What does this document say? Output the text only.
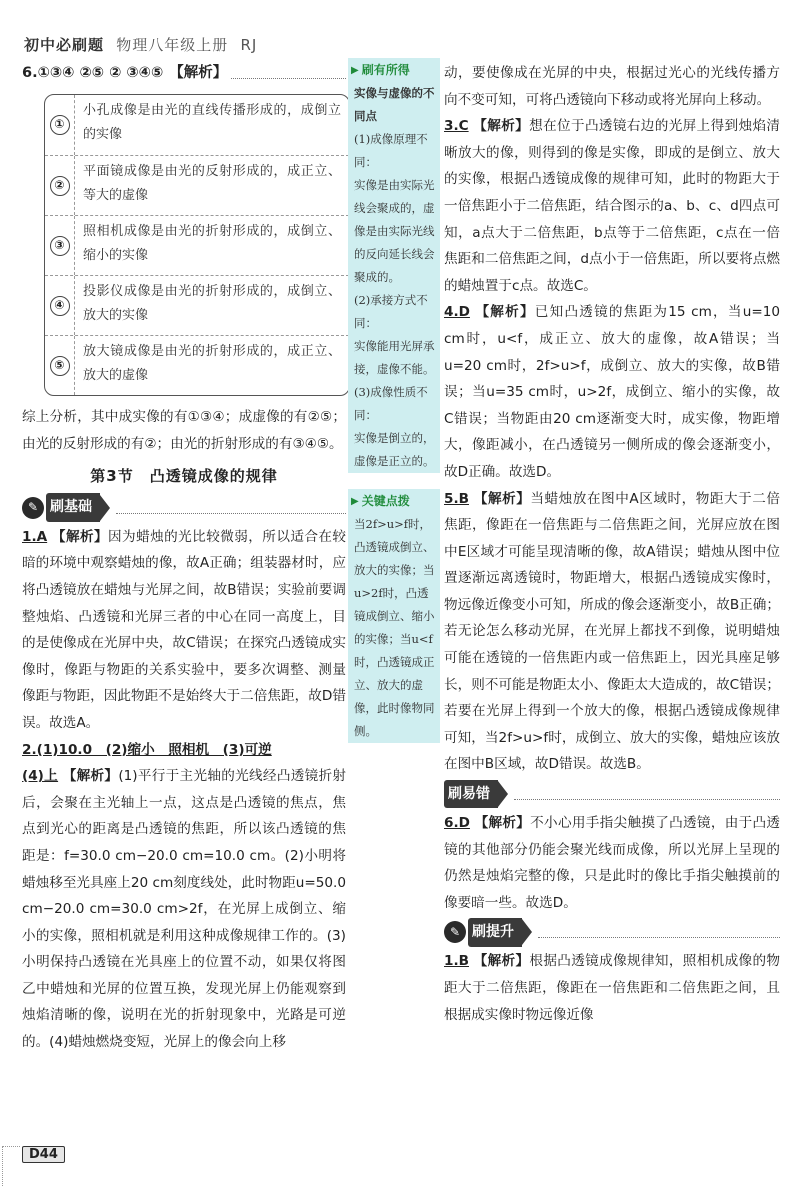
初中必刷题 物理八年级上册 RJ
6.①③④ ②⑤ ② ③④⑤ 【解析】
①
小孔成像是由光的直线传播形成的，成倒立的实像
②
平面镜成像是由光的反射形成的，成正立、等大的虚像
③
照相机成像是由光的折射形成的，成倒立、缩小的实像
④
投影仪成像是由光的折射形成的，成倒立、放大的实像
⑤
放大镜成像是由光的折射形成的，成正立、放大的虚像

综上分析，其中成实像的有①③④；成虚像的有②⑤；由光的反射形成的有②；由光的折射形成的有③④⑤。

第3节　凸透镜成像的规律
✎ 刷基础

1.A 【解析】因为蜡烛的光比较微弱，所以适合在较暗的环境中观察蜡烛的像，故A正确；组装器材时，应将凸透镜放在蜡烛与光屏之间，故B错误；实验前要调整烛焰、凸透镜和光屏三者的中心在同一高度上，目的是使像成在光屏中央，故C错误；在探究凸透镜成实像时，像距与物距的关系实验中，要多次调整、测量像距与物距，因此物距不是始终大于二倍焦距，故D错误。故选A。

2.(1)10.0　(2)缩小　照相机　(3)可逆

(4)上 【解析】(1)平行于主光轴的光线经凸透镜折射后，会聚在主光轴上一点，这点是凸透镜的焦点，焦点到光心的距离是凸透镜的焦距，所以该凸透镜的焦距是：f=30.0 cm−20.0 cm=10.0 cm。(2)小明将蜡烛移至光具座上20 cm刻度线处，此时物距u=50.0 cm−20.0 cm=30.0 cm>2f，在光屏上成倒立、缩小的实像，照相机就是利用这种成像规律工作的。(3)小明保持凸透镜在光具座上的位置不动，如果仅将图乙中蜡烛和光屏的位置互换，发现光屏上仍能观察到烛焰清晰的像，说明在光的折射现象中，光路是可逆的。(4)蜡烛燃烧变短，光屏上的像会向上移

▶ 刷有所得
实像与虚像的不同点
(1)成像原理不同：
实像是由实际光线会聚成的，虚像是由实际光线的反向延长线会聚成的。
(2)承接方式不同：
实像能用光屏承接，虚像不能。
(3)成像性质不同：
实像是倒立的，虚像是正立的。
▶ 关键点拨
当2f>u>f时，凸透镜成倒立、放大的实像；当u>2f时，凸透镜成倒立、缩小的实像；当u<f时，凸透镜成正立、放大的虚像，此时像物同侧。

动，要使像成在光屏的中央，根据过光心的光线传播方向不变可知，可将凸透镜向下移动或将光屏向上移动。

3.C 【解析】想在位于凸透镜右边的光屏上得到烛焰清晰放大的像，则得到的像是实像，即成的是倒立、放大的实像，根据凸透镜成像的规律可知，此时的物距大于一倍焦距小于二倍焦距，结合图示的a、b、c、d四点可知，a点大于二倍焦距，b点等于二倍焦距，c点在一倍焦距和二倍焦距之间，d点小于一倍焦距，所以要将点燃的蜡烛置于c点。故选C。

4.D 【解析】已知凸透镜的焦距为15 cm，当u=10 cm时，u<f，成正立、放大的虚像，故A错误；当u=20 cm时，2f>u>f，成倒立、放大的实像，故B错误；当u=35 cm时，u>2f，成倒立、缩小的实像，故C错误；当物距由20 cm逐渐变大时，成实像，物距增大，像距减小，在凸透镜另一侧所成的像会逐渐变小，故D正确。故选D。

5.B 【解析】当蜡烛放在图中A区域时，物距大于二倍焦距，像距在一倍焦距与二倍焦距之间，光屏应放在图中E区域才可能呈现清晰的像，故A错误；蜡烛从图中位置逐渐远离透镜时，物距增大，根据凸透镜成实像时，物远像近像变小可知，所成的像会逐渐变小，故B正确；若无论怎么移动光屏，在光屏上都找不到像，说明蜡烛可能在透镜的一倍焦距内或一倍焦距上，因光具座足够长，则不可能是物距太小、像距太大造成的，故C错误；若要在光屏上得到一个放大的像，根据凸透镜成像规律可知，当2f>u>f时，成倒立、放大的实像，蜡烛应该放在图中B区域，故D错误。故选B。

刷易错

6.D 【解析】不小心用手指尖触摸了凸透镜，由于凸透镜的其他部分仍能会聚光线而成像，所以光屏上呈现的仍然是烛焰完整的像，只是此时的像比手指尖触摸前的像要暗一些。故选D。

✎ 刷提升

1.B 【解析】根据凸透镜成像规律知，照相机成像的物距大于二倍焦距，像距在一倍焦距和二倍焦距之间，且根据成实像时物远像近像

D44
